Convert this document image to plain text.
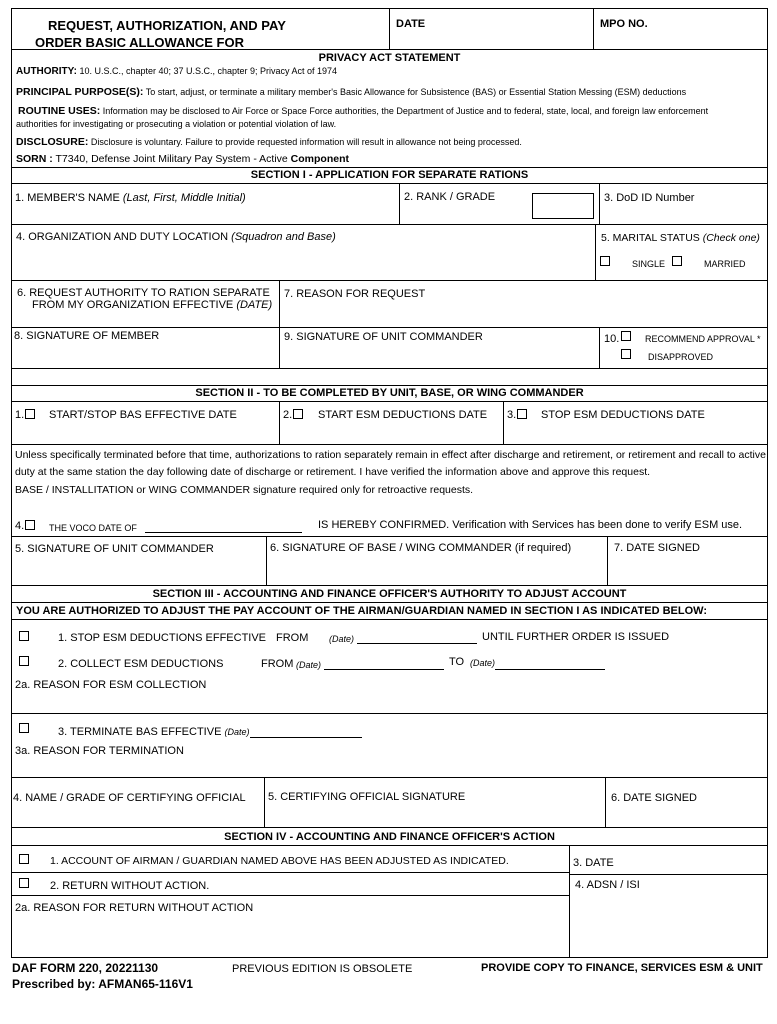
REQUEST, AUTHORIZATION, AND PAY
ORDER BASIC ALLOWANCE FOR
DATE	MPO NO.
PRIVACY ACT STATEMENT
AUTHORITY: 10. U.S.C., chapter 40; 37 U.S.C., chapter 9; Privacy Act of 1974
PRINCIPAL PURPOSE(S): To start, adjust, or terminate a military member's Basic Allowance for Subsistence (BAS) or Essential Station Messing (ESM) deductions
ROUTINE USES: Information may be disclosed to Air Force or Space Force authorities, the Department of Justice and to federal, state, local, and foreign law enforcement
authorities for investigating or prosecuting a violation or potential violation of law.
DISCLOSURE: Disclosure is voluntary. Failure to provide requested information will result in allowance not being processed.
SORN : T7340, Defense Joint Military Pay System - Active Component
SECTION I - APPLICATION FOR SEPARATE RATIONS
1. MEMBER'S NAME (Last, First, Middle Initial)	2. RANK / GRADE	3. DoD ID Number
4. ORGANIZATION AND DUTY LOCATION (Squadron and Base)	5. MARITAL STATUS (Check one)
SINGLE	MARRIED
6. REQUEST AUTHORITY TO RATION SEPARATE
FROM MY ORGANIZATION EFFECTIVE (DATE)
7. REASON FOR REQUEST
8. SIGNATURE OF MEMBER	9. SIGNATURE OF UNIT COMMANDER	10.	RECOMMEND APPROVAL *
DISAPPROVED
SECTION II - TO BE COMPLETED BY UNIT, BASE, OR WING COMMANDER
1. START/STOP BAS EFFECTIVE DATE	2. START ESM DEDUCTIONS DATE 3. STOP ESM DEDUCTIONS DATE
Unless specifically terminated before that time, authorizations to ration separately remain in effect after discharge and retirement, or retirement and recall to active
duty at the same station the day following date of discharge or retirement. I have verified the information above and approve this request.
BASE / INSTALLITATION or WING COMMANDER signature required only for retroactive requests.
4.	THE VOCO DATE OF	IS HEREBY CONFIRMED. Verification with Services has been done to verify ESM use.
5. SIGNATURE OF UNIT COMMANDER	6. SIGNATURE OF BASE / WING COMMANDER (if required)	7. DATE SIGNED
SECTION III - ACCOUNTING AND FINANCE OFFICER'S AUTHORITY TO ADJUST ACCOUNT
YOU ARE AUTHORIZED TO ADJUST THE PAY ACCOUNT OF THE AIRMAN/GUARDIAN NAMED IN SECTION I AS INDICATED BELOW:
1. STOP ESM DEDUCTIONS EFFECTIVE FROM (Date)	UNTIL FURTHER ORDER IS ISSUED
2. COLLECT ESM DEDUCTIONS	FROM (Date)	TO (Date)
2a. REASON FOR ESM COLLECTION
3. TERMINATE BAS EFFECTIVE (Date)
3a. REASON FOR TERMINATION
4. NAME / GRADE OF CERTIFYING OFFICIAL 5. CERTIFYING OFFICIAL SIGNATURE	6. DATE SIGNED
SECTION IV - ACCOUNTING AND FINANCE OFFICER'S ACTION
1. ACCOUNT OF AIRMAN / GUARDIAN NAMED ABOVE HAS BEEN ADJUSTED AS INDICATED.
2. RETURN WITHOUT ACTION.
2a. REASON FOR RETURN WITHOUT ACTION
3. DATE
4. ADSN / ISI
DAF FORM 220, 20221130	PREVIOUS EDITION IS OBSOLETE	PROVIDE COPY TO FINANCE, SERVICES ESM & UNIT
Prescribed by: AFMAN65-116V1
